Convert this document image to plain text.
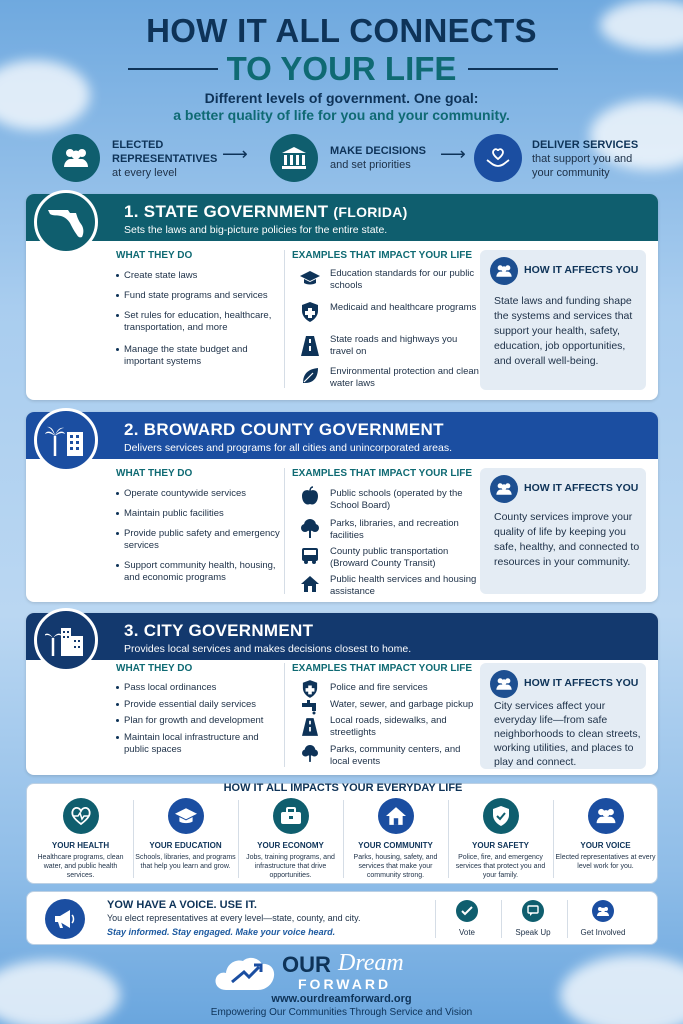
HOW IT ALL CONNECTS
TO YOUR LIFE
Different levels of government. One goal:
a better quality of life for you and your community.
ELECTED REPRESENTATIVES
at every level
⟶	MAKE DECISIONS
and set priorities
⟶	DELIVER SERVICES
that support you and your community
1. STATE GOVERNMENT (FLORIDA)
Sets the laws and big-picture policies for the entire state.
WHAT THEY DO
Create state laws
Fund state programs and services
Set rules for education, healthcare, transportation, and more
Manage the state budget and important systems
EXAMPLES THAT IMPACT YOUR LIFE
Education standards for our public schools
Medicaid and healthcare programs
State roads and highways you travel on
Environmental protection and clean water laws
HOW IT AFFECTS YOU
State laws and funding shape the systems and services that support your health, safety, education, job opportunities, and overall well-being.
2. BROWARD COUNTY GOVERNMENT
Delivers services and programs for all cities and unincorporated areas.
WHAT THEY DO
Operate countywide services
Maintain public facilities
Provide public safety and emergency services
Support community health, housing, and economic programs
EXAMPLES THAT IMPACT YOUR LIFE
Public schools (operated by the School Board)
Parks, libraries, and recreation facilities
County public transportation (Broward County Transit)
Public health services and housing assistance
HOW IT AFFECTS YOU
County services improve your quality of life by keeping you safe, healthy, and connected to resources in your community.
3. CITY GOVERNMENT
Provides local services and makes decisions closest to home.
WHAT THEY DO
Pass local ordinances
Provide essential daily services
Plan for growth and development
Maintain local infrastructure and public spaces
EXAMPLES THAT IMPACT YOUR LIFE
Police and fire services
Water, sewer, and garbage pickup
Local roads, sidewalks, and streetlights
Parks, community centers, and local events
HOW IT AFFECTS YOU
City services affect your everyday life—from safe neighborhoods to clean streets, working utilities, and places to play and connect.
HOW IT ALL IMPACTS YOUR EVERYDAY LIFE
YOUR HEALTH
Healthcare programs, clean water, and public health services.
YOUR EDUCATION
Schools, libraries, and programs that help you learn and grow.
YOUR ECONOMY
Jobs, training programs, and infrastructure that drive opportunities.
YOUR COMMUNITY
Parks, housing, safety, and services that make your community strong.
YOUR SAFETY
Police, fire, and emergency services that protect you and your family.
YOUR VOICE
Elected representatives at every level work for you.
YOW HAVE A VOICE. USE IT.
You elect representatives at every level—state, county, and city.
Stay informed. Stay engaged. Make your voice heard.	Vote	Speak Up	Get Involved
OUR Dream
FORWARD
www.ourdreamforward.org
Empowering Our Communities Through Service and Vision
